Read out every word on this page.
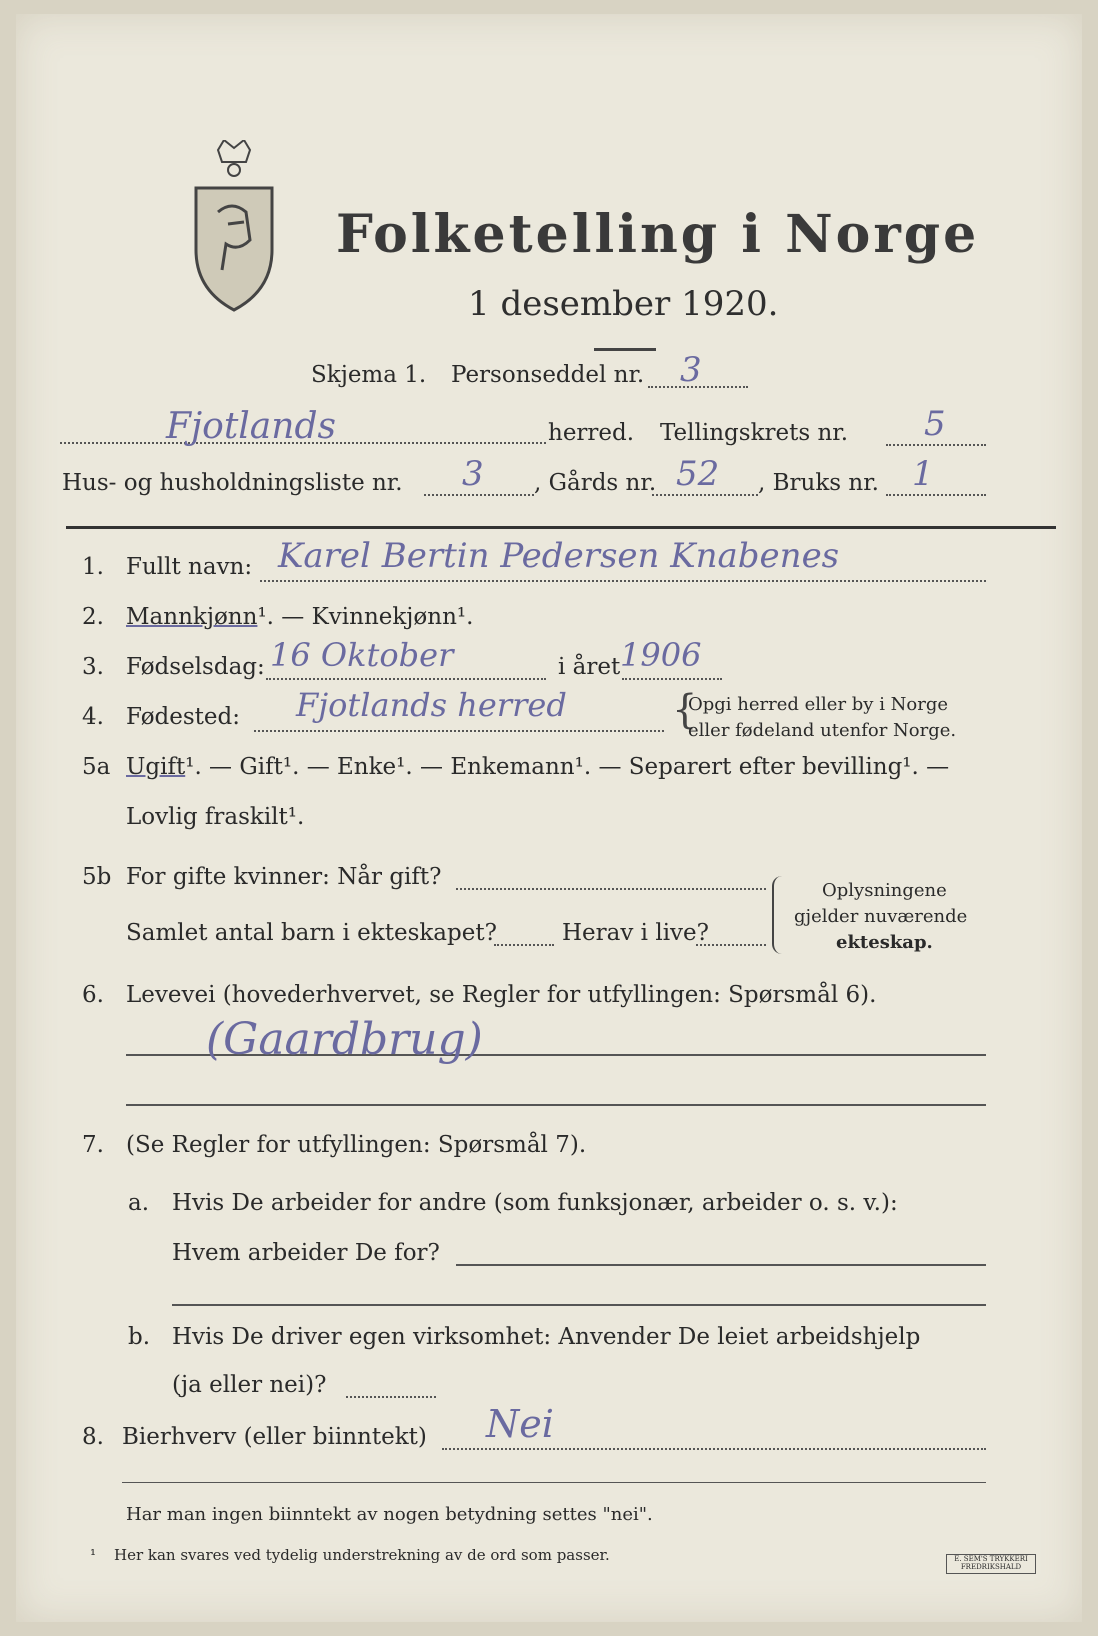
Folketelling i Norge
1 desember 1920.
Skjema 1. Personseddel nr. 3
Fjotlands	herred. Tellingskrets nr. 5
Hus- og husholdningsliste nr. 3 , Gårds nr. 52 , Bruks nr. 1
1. Fullt navn: Karel Bertin Pedersen Knabenes
2. Mannkjønn¹. — Kvinnekjønn¹.
3. Fødselsdag: 16 Oktober	i året 1906
4. Fødested: Fjotlands herred	{
Opgi herred eller by i Norge
eller fødeland utenfor Norge.
5a Ugift¹. — Gift¹. — Enke¹. — Enkemann¹. — Separert efter bevilling¹. —
Lovlig fraskilt¹.
5b For gifte kvinner: Når gift?
Samlet antal barn i ekteskapet?	Herav i live?
Oplysningene
gjelder nuværende
ekteskap.
6. Levevei (hovederhvervet, se Regler for utfyllingen: Spørsmål 6).
(Gaardbrug)
7. (Se Regler for utfyllingen: Spørsmål 7).
a. Hvis De arbeider for andre (som funksjonær, arbeider o. s. v.):
Hvem arbeider De for?
b. Hvis De driver egen virksomhet: Anvender De leiet arbeidshjelp
(ja eller nei)?
8. Bierhverv (eller biinntekt) Nei
Har man ingen biinntekt av nogen betydning settes "nei".
¹ Her kan svares ved tydelig understrekning av de ord som passer.	E. SEM'S TRYKKERI FREDRIKSHALD
